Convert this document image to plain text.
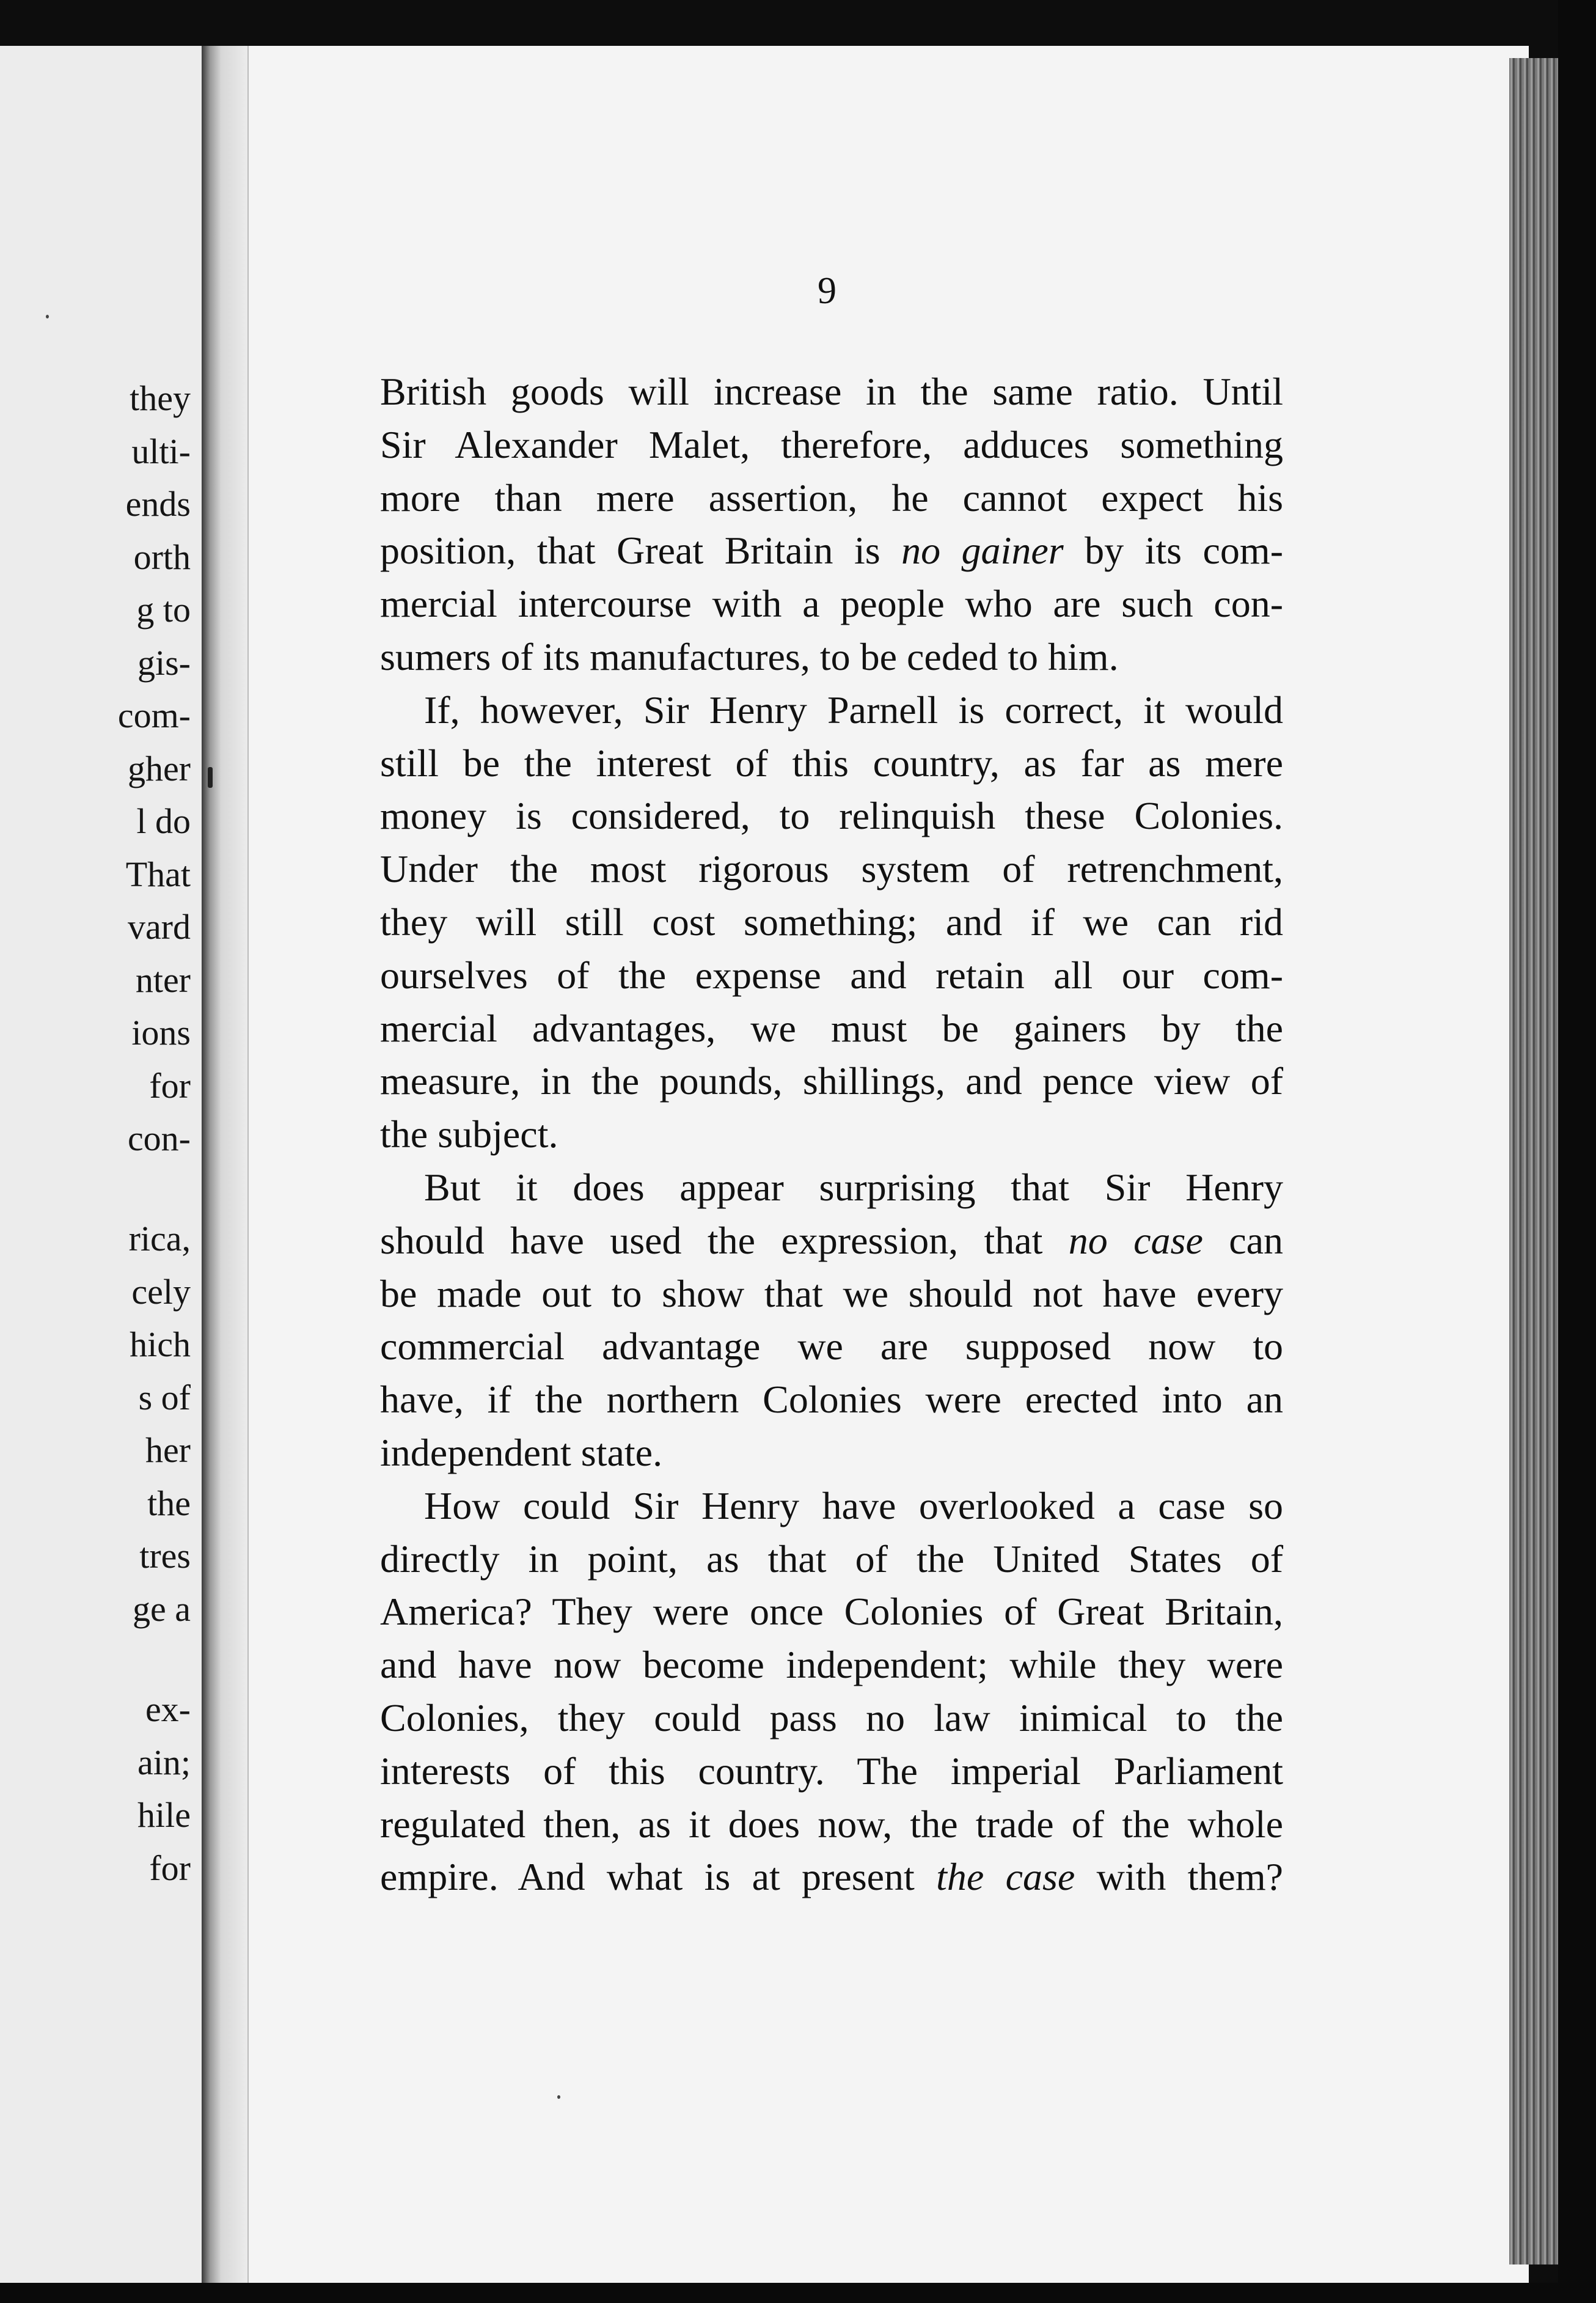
they
ulti-
ends
orth
g to
gis-
com-
gher
l do
That
vard
nter
ions
for
con-
rica,
cely
hich
s of
her
the
tres
ge a
ex-
ain;
hile
for
9
British goods will increase in the same ratio. Until
Sir Alexander Malet, therefore, adduces something
more than mere assertion, he cannot expect his
position, that Great Britain is no gainer by its com-
mercial intercourse with a people who are such con-
sumers of its manufactures, to be ceded to him.
If, however, Sir Henry Parnell is correct, it would
still be the interest of this country, as far as mere
money is considered, to relinquish these Colonies.
Under the most rigorous system of retrenchment,
they will still cost something; and if we can rid
ourselves of the expense and retain all our com-
mercial advantages, we must be gainers by the
measure, in the pounds, shillings, and pence view of
the subject.
But it does appear surprising that Sir Henry
should have used the expression, that no case can
be made out to show that we should not have every
commercial advantage we are supposed now to
have, if the northern Colonies were erected into an
independent state.
How could Sir Henry have overlooked a case so
directly in point, as that of the United States of
America? They were once Colonies of Great Britain,
and have now become independent; while they were
Colonies, they could pass no law inimical to the
interests of this country. The imperial Parliament
regulated then, as it does now, the trade of the whole
empire. And what is at present the case with them?
